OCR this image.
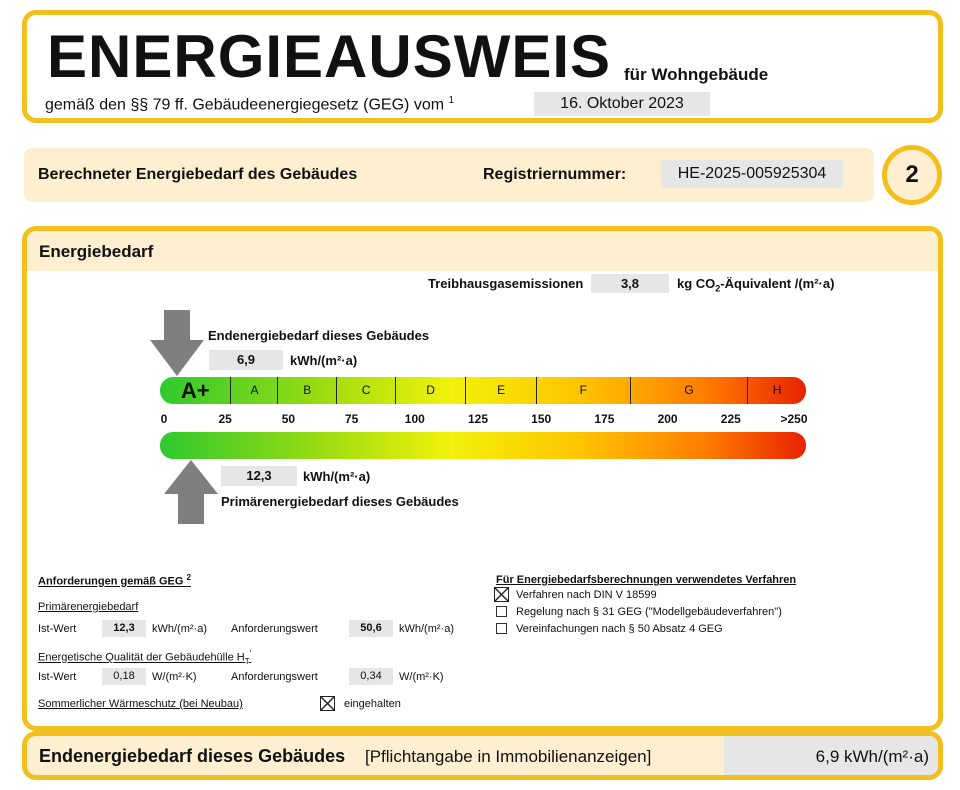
ENERGIEAUSWEIS für Wohngebäude
gemäß den §§ 79 ff. Gebäudeenergiegesetz (GEG) vom $^1$	16. Oktober 2023
Berechneter Energiebedarf des Gebäudes	Registriernummer:	HE-2025-005925304	2
Energiebedarf
Treibhausgasemissionen	3,8	kg $CO_2$-Äquivalent /(m²·a)
Endenergiebedarf dieses Gebäudes
6,9	kWh/(m²·a)
A+	A	B	C	D	E	F	G	H
0	25	50	75	100	125	150	175	200	225	>250
12,3	kWh/(m²·a)
Primärenergiebedarf dieses Gebäudes
Anforderungen gemäß GEG $^2$
Primärenergiebedarf
Ist-Wert	12,3	kWh/(m²·a) Anforderungswert	50,6	kWh/(m²·a)
Energetische Qualität der Gebäudehülle $H_T'$
Ist-Wert	0,18	W/(m²·K)	Anforderungswert	0,34	W/(m²·K)
Sommerlicher Wärmeschutz (bei Neubau)	eingehalten
Für Energiebedarfsberechnungen verwendetes Verfahren
Verfahren nach DIN V 18599
Regelung nach § 31 GEG ("Modellgebäudeverfahren")
Vereinfachungen nach § 50 Absatz 4 GEG
Endenergiebedarf dieses Gebäudes [Pflichtangabe in Immobilienanzeigen]	6,9 kWh/(m²·a)
